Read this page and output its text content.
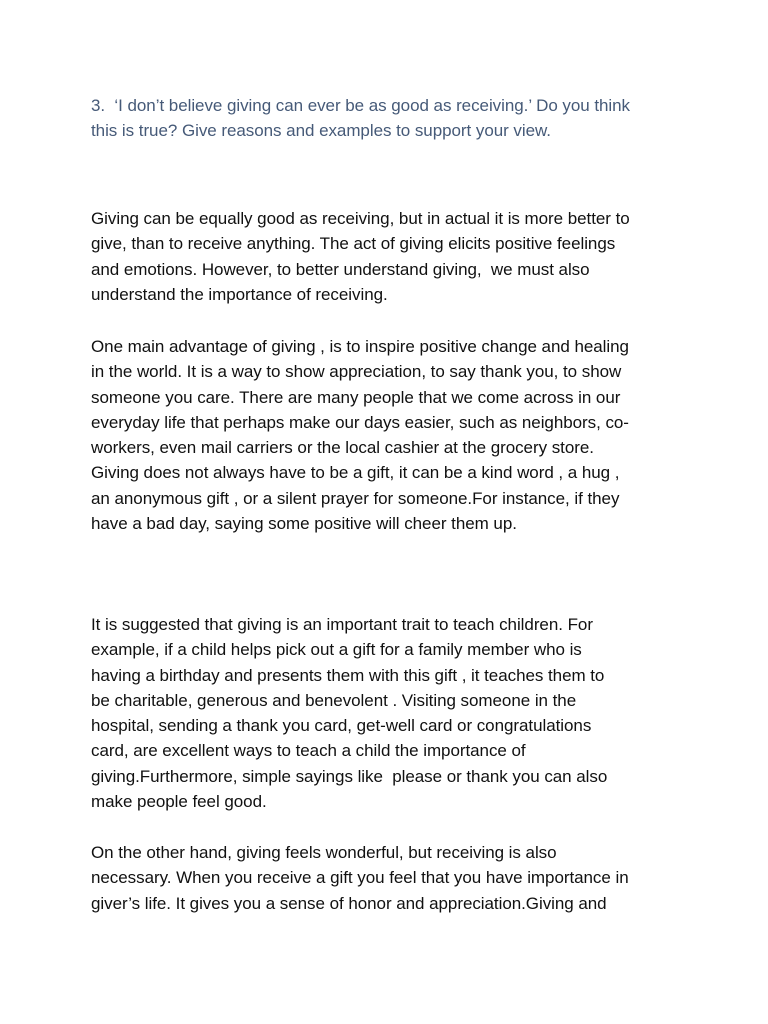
3.  ‘I don’t believe giving can ever be as good as receiving.’ Do you think
this is true? Give reasons and examples to support your view.

Giving can be equally good as receiving, but in actual it is more better to
give, than to receive anything. The act of giving elicits positive feelings
and emotions. However, to better understand giving,  we must also
understand the importance of receiving.

One main advantage of giving , is to inspire positive change and healing
in the world. It is a way to show appreciation, to say thank you, to show
someone you care. There are many people that we come across in our
everyday life that perhaps make our days easier, such as neighbors, co-
workers, even mail carriers or the local cashier at the grocery store.
Giving does not always have to be a gift, it can be a kind word , a hug ,
an anonymous gift , or a silent prayer for someone.For instance, if they
have a bad day, saying some positive will cheer them up.

It is suggested that giving is an important trait to teach children. For
example, if a child helps pick out a gift for a family member who is
having a birthday and presents them with this gift , it teaches them to
be charitable, generous and benevolent . Visiting someone in the
hospital, sending a thank you card, get-well card or congratulations
card, are excellent ways to teach a child the importance of
giving.Furthermore, simple sayings like  please or thank you can also
make people feel good.

On the other hand, giving feels wonderful, but receiving is also
necessary. When you receive a gift you feel that you have importance in
giver’s life. It gives you a sense of honor and appreciation.Giving and
